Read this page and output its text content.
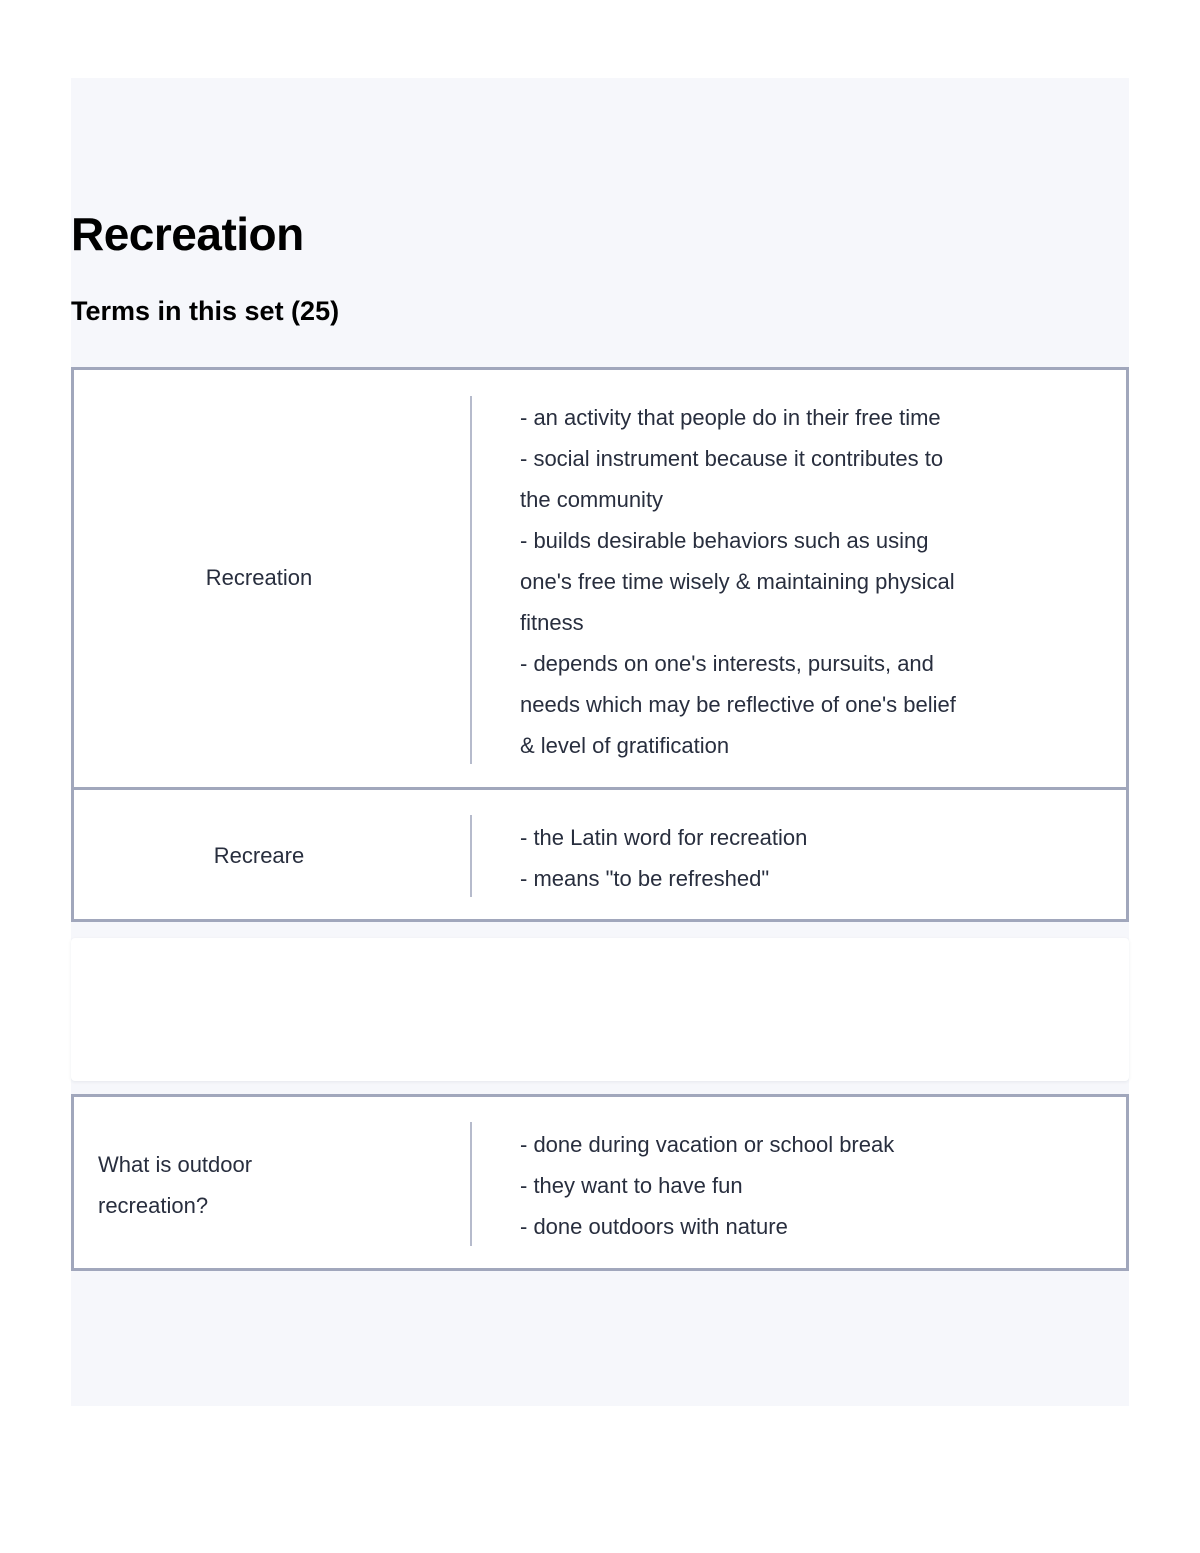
Recreation
Terms in this set (25)
Recreation
- an activity that people do in their free time
- social instrument because it contributes to
the community
- builds desirable behaviors such as using
one's free time wisely & maintaining physical
fitness
- depends on one's interests, pursuits, and
needs which may be reflective of one's belief
& level of gratification
Recreare
- the Latin word for recreation
- means "to be refreshed"
What is outdoor
recreation?
- done during vacation or school break
- they want to have fun
- done outdoors with nature
